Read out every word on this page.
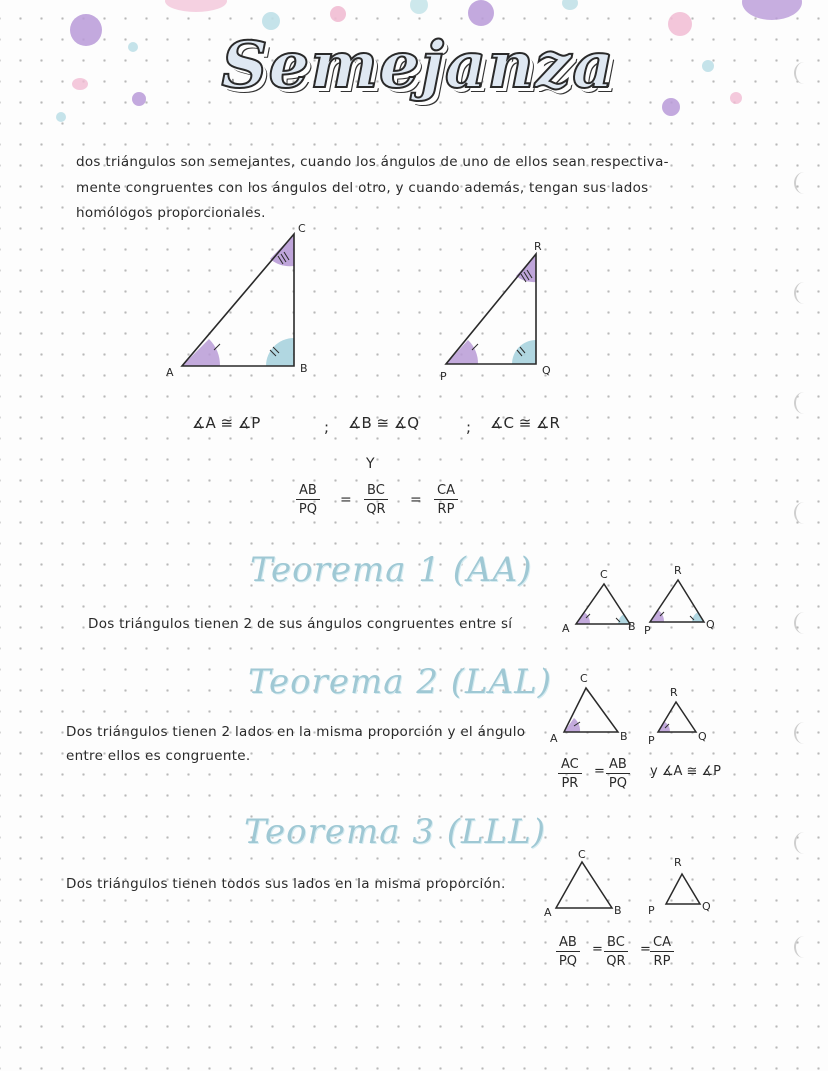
Semejanza
dos triángulos son semejantes, cuando los ángulos de uno de ellos sean respectiva-
mente congruentes con los ángulos del otro, y cuando además, tengan sus lados
homólogos proporcionales.
A	B
C
P	Q
R
∡A ≅ ∡P	; ∡B ≅ ∡Q	; ∡C ≅ ∡R
Y
$\frac{AB}{PQ} = \frac{BC}{QR} = \frac{CA}{RP}$
Teorema 1 (AA)
Dos triángulos tienen 2 de sus ángulos congruentes entre sí	A	B
C
P	Q
R
Teorema 2 (LAL)
Dos triángulos tienen 2 lados en la misma proporción y el ángulo
entre ellos es congruente.
A	B
C
P	Q
R
$\frac{AC}{PR} = \frac{AB}{PQ}$ y ∡A ≅ ∡P
Teorema 3 (LLL)
Dos triángulos tienen todos sus lados en la misma proporción.
A	B
C
P	Q
R
$\frac{AB}{PQ} = \frac{BC}{QR} = \frac{CA}{RP}$
